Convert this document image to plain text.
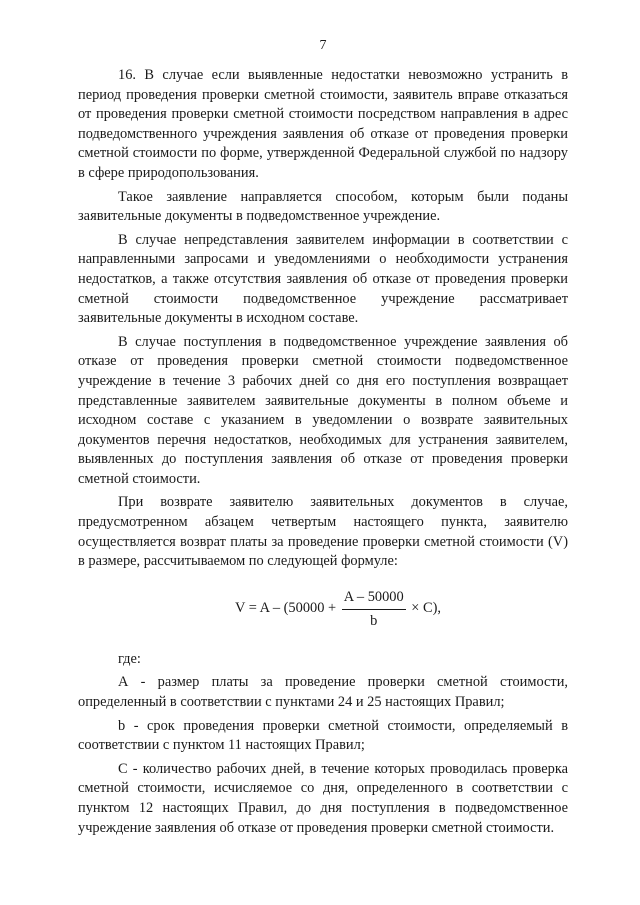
7

16. В случае если выявленные недостатки невозможно устранить в период проведения проверки сметной стоимости, заявитель вправе отказаться от проведения проверки сметной стоимости посредством направления в адрес подведомственного учреждения заявления об отказе от проведения проверки сметной стоимости по форме, утвержденной Федеральной службой по надзору в сфере природопользования.

Такое заявление направляется способом, которым были поданы заявительные документы в подведомственное учреждение.

В случае непредставления заявителем информации в соответствии с направленными запросами и уведомлениями о необходимости устранения недостатков, а также отсутствия заявления об отказе от проведения проверки сметной стоимости подведомственное учреждение рассматривает заявительные документы в исходном составе.

В случае поступления в подведомственное учреждение заявления об отказе от проведения проверки сметной стоимости подведомственное учреждение в течение 3 рабочих дней со дня его поступления возвращает представленные заявителем заявительные документы в полном объеме и исходном составе с указанием в уведомлении о возврате заявительных документов перечня недостатков, необходимых для устранения заявителем, выявленных до поступления заявления об отказе от проведения проверки сметной стоимости.

При возврате заявителю заявительных документов в случае, предусмотренном абзацем четвертым настоящего пункта, заявителю осуществляется возврат платы за проведение проверки сметной стоимости (V) в размере, рассчитываемом по следующей формуле:

$V = A - (50000 + \frac{A - 50000}{b} \times C)$,

где:

А - размер платы за проведение проверки сметной стоимости, определенный в соответствии с пунктами 24 и 25 настоящих Правил;

b - срок проведения проверки сметной стоимости, определяемый в соответствии с пунктом 11 настоящих Правил;

С - количество рабочих дней, в течение которых проводилась проверка сметной стоимости, исчисляемое со дня, определенного в соответствии с пунктом 12 настоящих Правил, до дня поступления в подведомственное учреждение заявления об отказе от проведения проверки сметной стоимости.
